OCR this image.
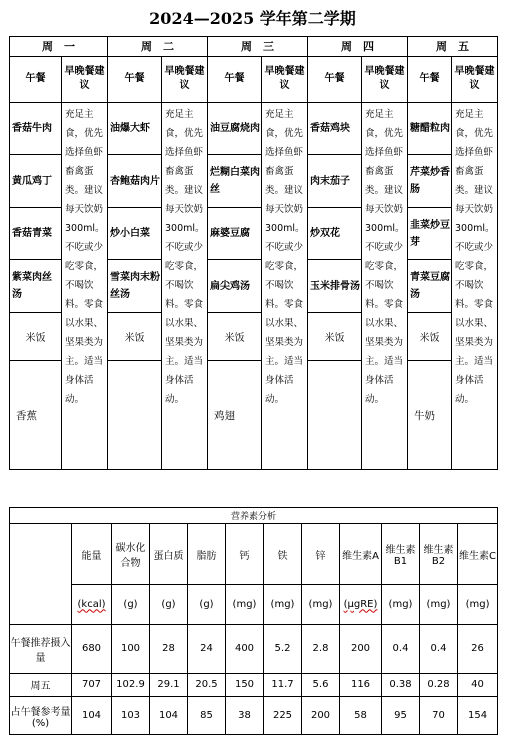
2024—2025 学年第二学期
周　一		周　二		周　三		周　四		周　五	
午餐	早晚餐建议	午餐	早晚餐建议	午餐	早晚餐建议	午餐	早晚餐建议	午餐	早晚餐建议
香菇牛肉	充足主食，优先选择鱼虾畜禽蛋类。建议每天饮奶300ml。不吃或少吃零食，不喝饮料。零食以水果、坚果类为主。适当身体活动。	油爆大虾	充足主食，优先选择鱼虾畜禽蛋类。建议每天饮奶300ml。不吃或少吃零食，不喝饮料。零食以水果、坚果类为主。适当身体活动。	油豆腐烧肉	充足主食，优先选择鱼虾畜禽蛋类。建议每天饮奶300ml。不吃或少吃零食，不喝饮料。零食以水果、坚果类为主。适当身体活动。	香菇鸡块	充足主食，优先选择鱼虾畜禽蛋类。建议每天饮奶300ml。不吃或少吃零食，不喝饮料。零食以水果、坚果类为主。适当身体活动。	糖醋粒肉	充足主食，优先选择鱼虾畜禽蛋类。建议每天饮奶300ml。不吃或少吃零食，不喝饮料。零食以水果、坚果类为主。适当身体活动。
黄瓜鸡丁		杏鲍菇肉片		烂糊白菜肉丝		肉末茄子		芹菜炒香肠	
香菇青菜		炒小白菜		麻婆豆腐		炒双花		韭菜炒豆芽	
紫菜肉丝汤		雪菜肉末粉丝汤		扁尖鸡汤		玉米排骨汤		青菜豆腐汤	
米饭		米饭		米饭		米饭		米饭	
香蕉				鸡翅				牛奶	
营养素分析											
	能量	碳水化合物	蛋白质	脂肪	钙	铁	锌	维生素A	维生素B1	维生素B2	维生素C
	(kcal)	(g)	(g)	(g)	(mg)	(mg)	(mg)	(μgRE)	(mg)	(mg)	(mg)
午餐推荐摄入量	680	100	28	24	400	5.2	2.8	200	0.4	0.4	26
周五	707	102.9	29.1	20.5	150	11.7	5.6	116	0.38	0.28	40
占午餐参考量(%)	104	103	104	85	38	225	200	58	95	70	154
